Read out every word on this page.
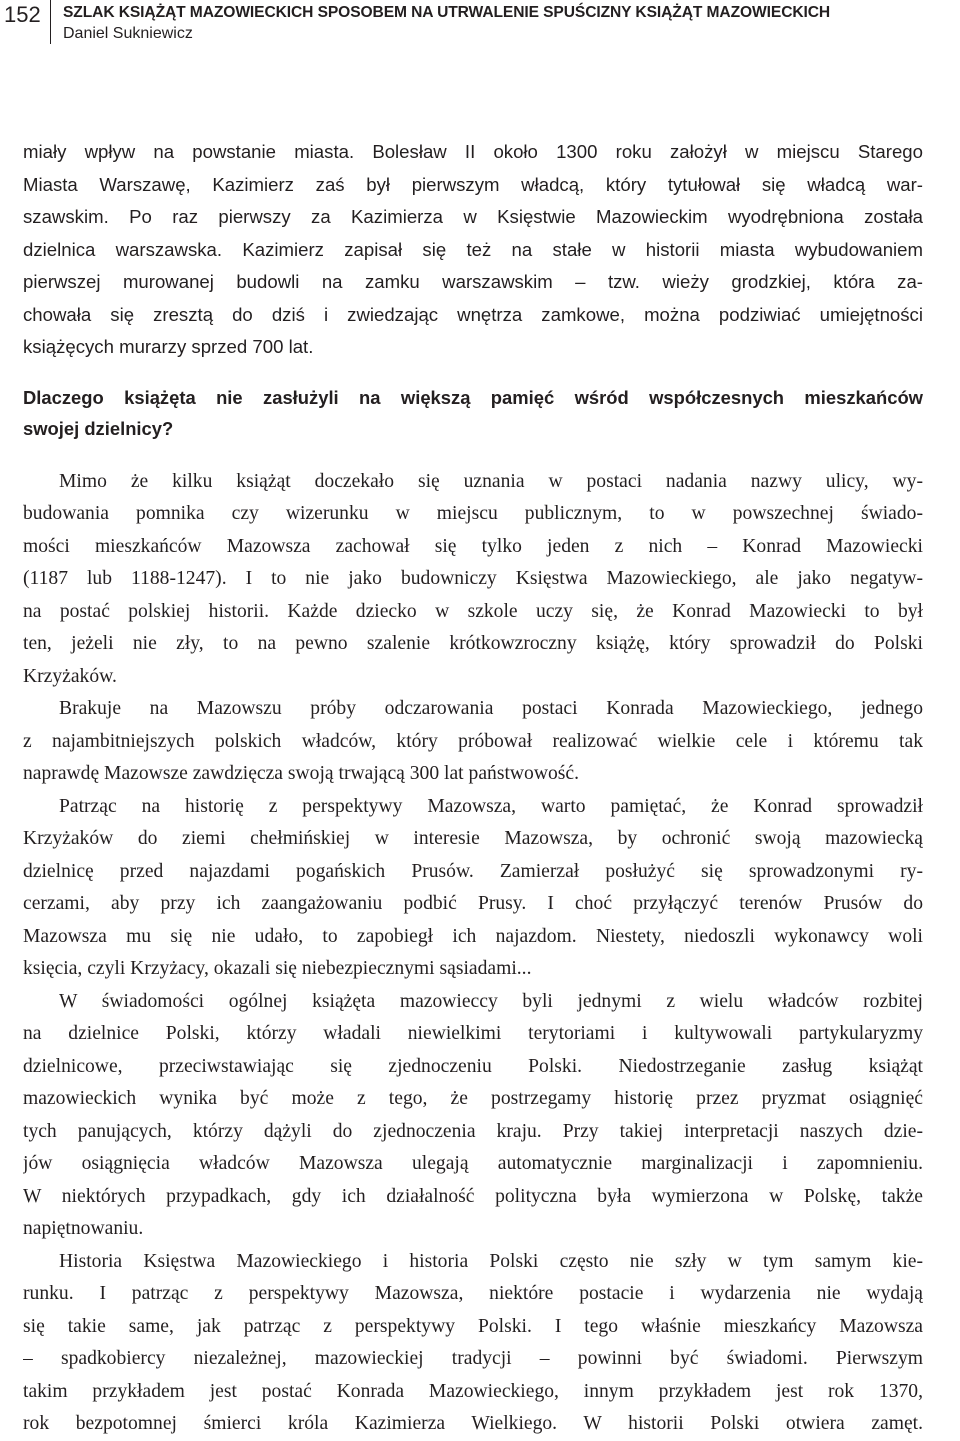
152	SZLAK KSIĄŻĄT MAZOWIECKICH SPOSOBEM NA UTRWALENIE SPUŚCIZNY KSIĄŻĄT MAZOWIECKICH
Daniel Sukniewicz
miały wpływ na powstanie miasta. Bolesław II około 1300 roku założył w miejscu Starego
Miasta Warszawę, Kazimierz zaś był pierwszym władcą, który tytułował się władcą war-
szawskim. Po raz pierwszy za Kazimierza w Księstwie Mazowieckim wyodrębniona została
dzielnica warszawska. Kazimierz zapisał się też na stałe w historii miasta wybudowaniem
pierwszej murowanej budowli na zamku warszawskim – tzw. wieży grodzkiej, która za-
chowała się zresztą do dziś i zwiedzając wnętrza zamkowe, można podziwiać umiejętności
książęcych murarzy sprzed 700 lat.
Dlaczego książęta nie zasłużyli na większą pamięć wśród współczesnych mieszkańców
swojej dzielnicy?
Mimo że kilku książąt doczekało się uznania w postaci nadania nazwy ulicy, wy-
budowania pomnika czy wizerunku w miejscu publicznym, to w powszechnej świado-
mości mieszkańców Mazowsza zachował się tylko jeden z nich – Konrad Mazowiecki
(1187 lub 1188-1247). I to nie jako budowniczy Księstwa Mazowieckiego, ale jako negatyw-
na postać polskiej historii. Każde dziecko w szkole uczy się, że Konrad Mazowiecki to był
ten, jeżeli nie zły, to na pewno szalenie krótkowzroczny książę, który sprowadził do Polski
Krzyżaków.
Brakuje na Mazowszu próby odczarowania postaci Konrada Mazowieckiego, jednego
z najambitniejszych polskich władców, który próbował realizować wielkie cele i któremu tak
naprawdę Mazowsze zawdzięcza swoją trwającą 300 lat państwowość.
Patrząc na historię z perspektywy Mazowsza, warto pamiętać, że Konrad sprowadził
Krzyżaków do ziemi chełmińskiej w interesie Mazowsza, by ochronić swoją mazowiecką
dzielnicę przed najazdami pogańskich Prusów. Zamierzał posłużyć się sprowadzonymi ry-
cerzami, aby przy ich zaangażowaniu podbić Prusy. I choć przyłączyć terenów Prusów do
Mazowsza mu się nie udało, to zapobiegł ich najazdom. Niestety, niedoszli wykonawcy woli
księcia, czyli Krzyżacy, okazali się niebezpiecznymi sąsiadami...
W świadomości ogólnej książęta mazowieccy byli jednymi z wielu władców rozbitej
na dzielnice Polski, którzy władali niewielkimi terytoriami i kultywowali partykularyzmy
dzielnicowe, przeciwstawiając się zjednoczeniu Polski. Niedostrzeganie zasług książąt
mazowieckich wynika być może z tego, że postrzegamy historię przez pryzmat osiągnięć
tych panujących, którzy dążyli do zjednoczenia kraju. Przy takiej interpretacji naszych dzie-
jów osiągnięcia władców Mazowsza ulegają automatycznie marginalizacji i zapomnieniu.
W niektórych przypadkach, gdy ich działalność polityczna była wymierzona w Polskę, także
napiętnowaniu.
Historia Księstwa Mazowieckiego i historia Polski często nie szły w tym samym kie-
runku. I patrząc z perspektywy Mazowsza, niektóre postacie i wydarzenia nie wydają
się takie same, jak patrząc z perspektywy Polski. I tego właśnie mieszkańcy Mazowsza
– spadkobiercy niezależnej, mazowieckiej tradycji – powinni być świadomi. Pierwszym
takim przykładem jest postać Konrada Mazowieckiego, innym przykładem jest rok 1370,
rok bezpotomnej śmierci króla Kazimierza Wielkiego. W historii Polski otwiera zamęt.
